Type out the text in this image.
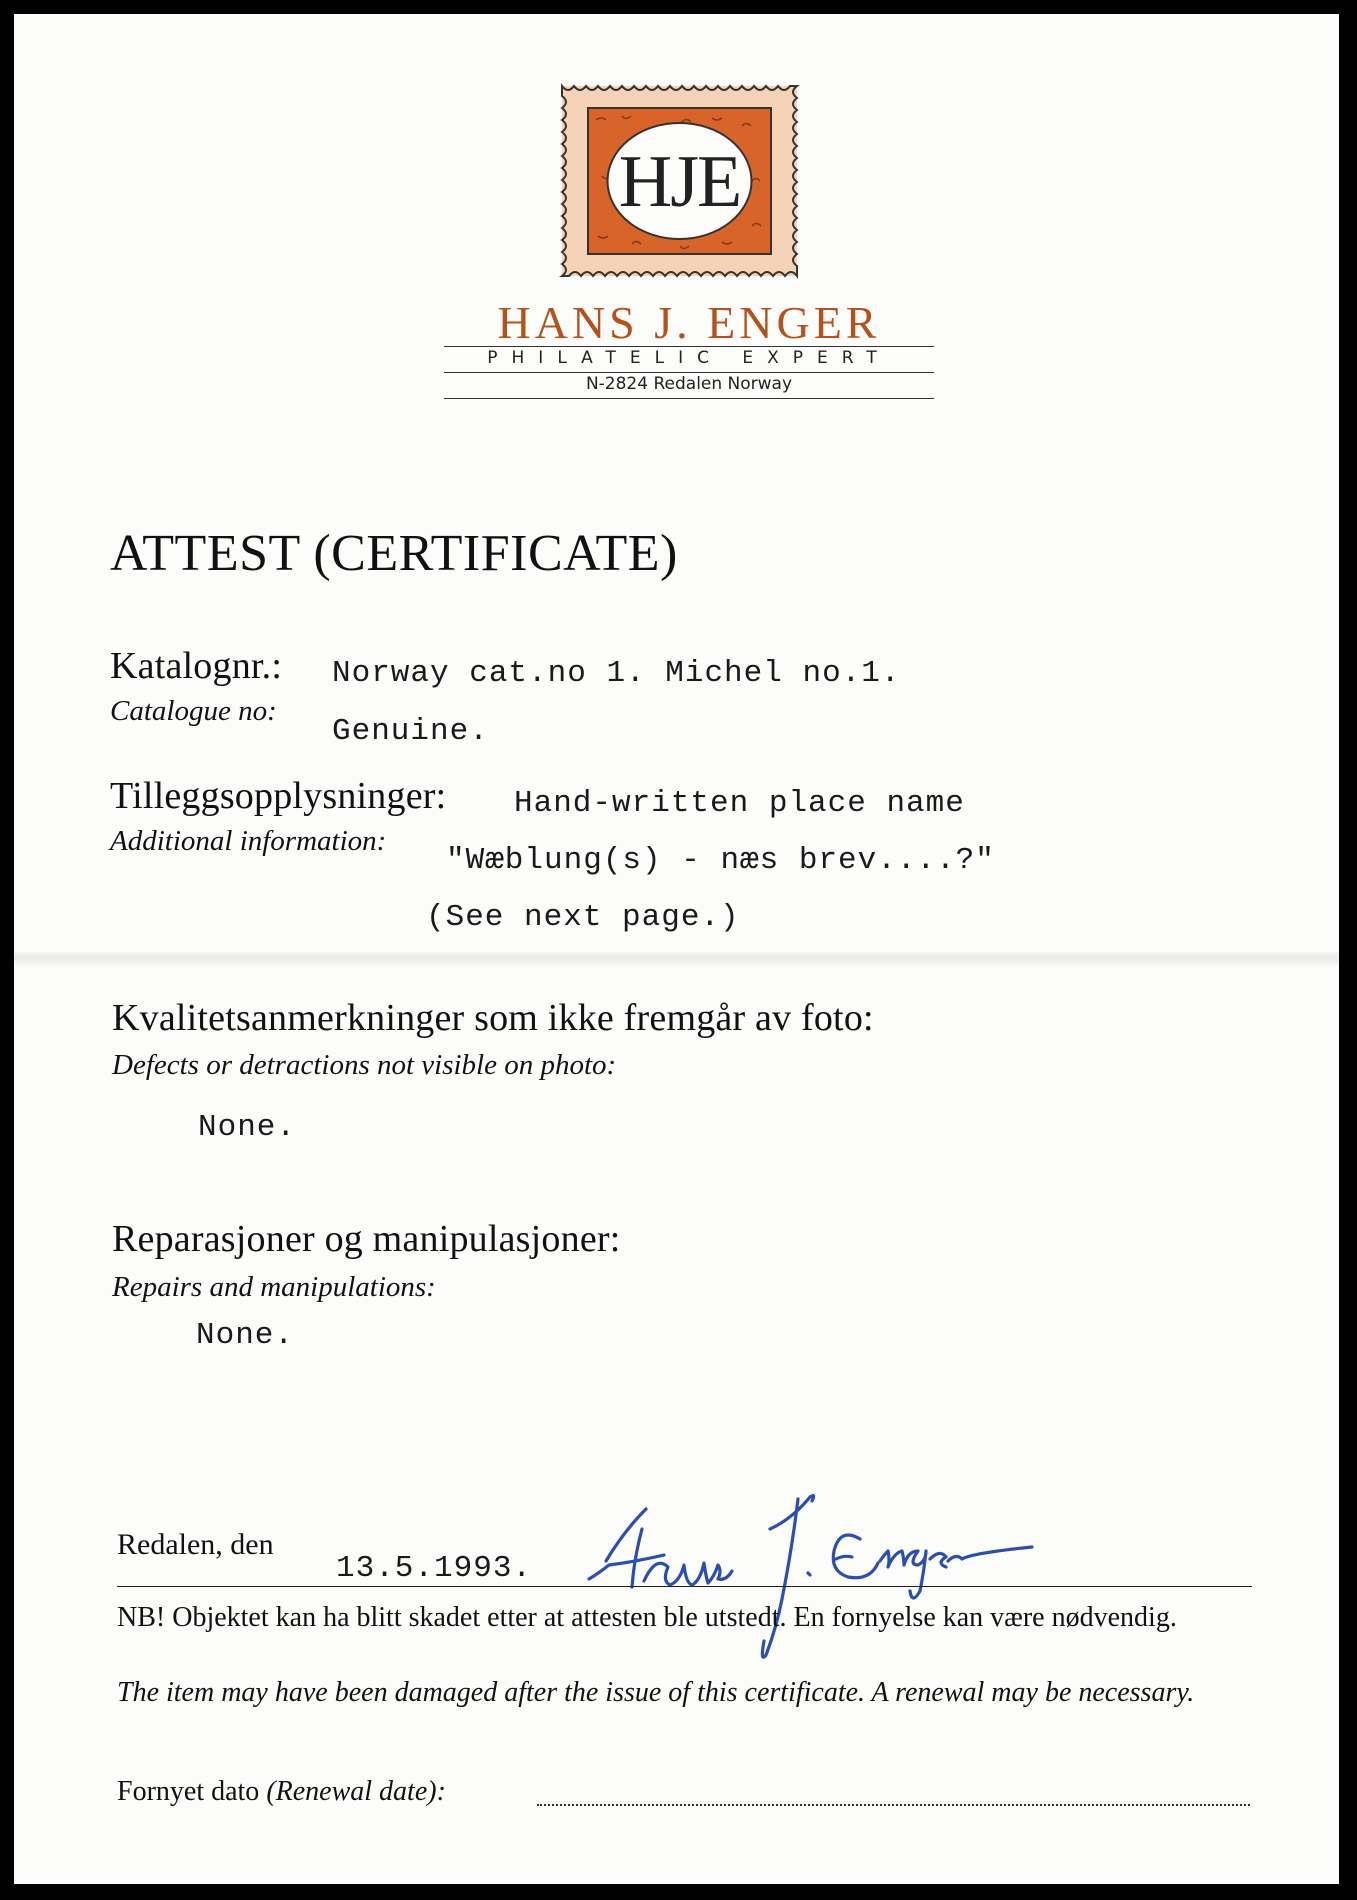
HJE
HANS J. ENGER
PHILATELIC EXPERT
N-2824 Redalen Norway
ATTEST (CERTIFICATE)
Katalognr.:
Catalogue no:
Norway cat.no 1. Michel no.1.
Genuine.
Tilleggsopplysninger:
Additional information:
Hand-written place name
"Wæblung(s) - næs brev....?"
(See next page.)
Kvalitetsanmerkninger som ikke fremgår av foto:
Defects or detractions not visible on photo:
None.
Reparasjoner og manipulasjoner:
Repairs and manipulations:
None.
Redalen, den
13.5.1993.
NB! Objektet kan ha blitt skadet etter at attesten ble utstedt. En fornyelse kan være nødvendig.
The item may have been damaged after the issue of this certificate. A renewal may be necessary.
Fornyet dato (Renewal date):
